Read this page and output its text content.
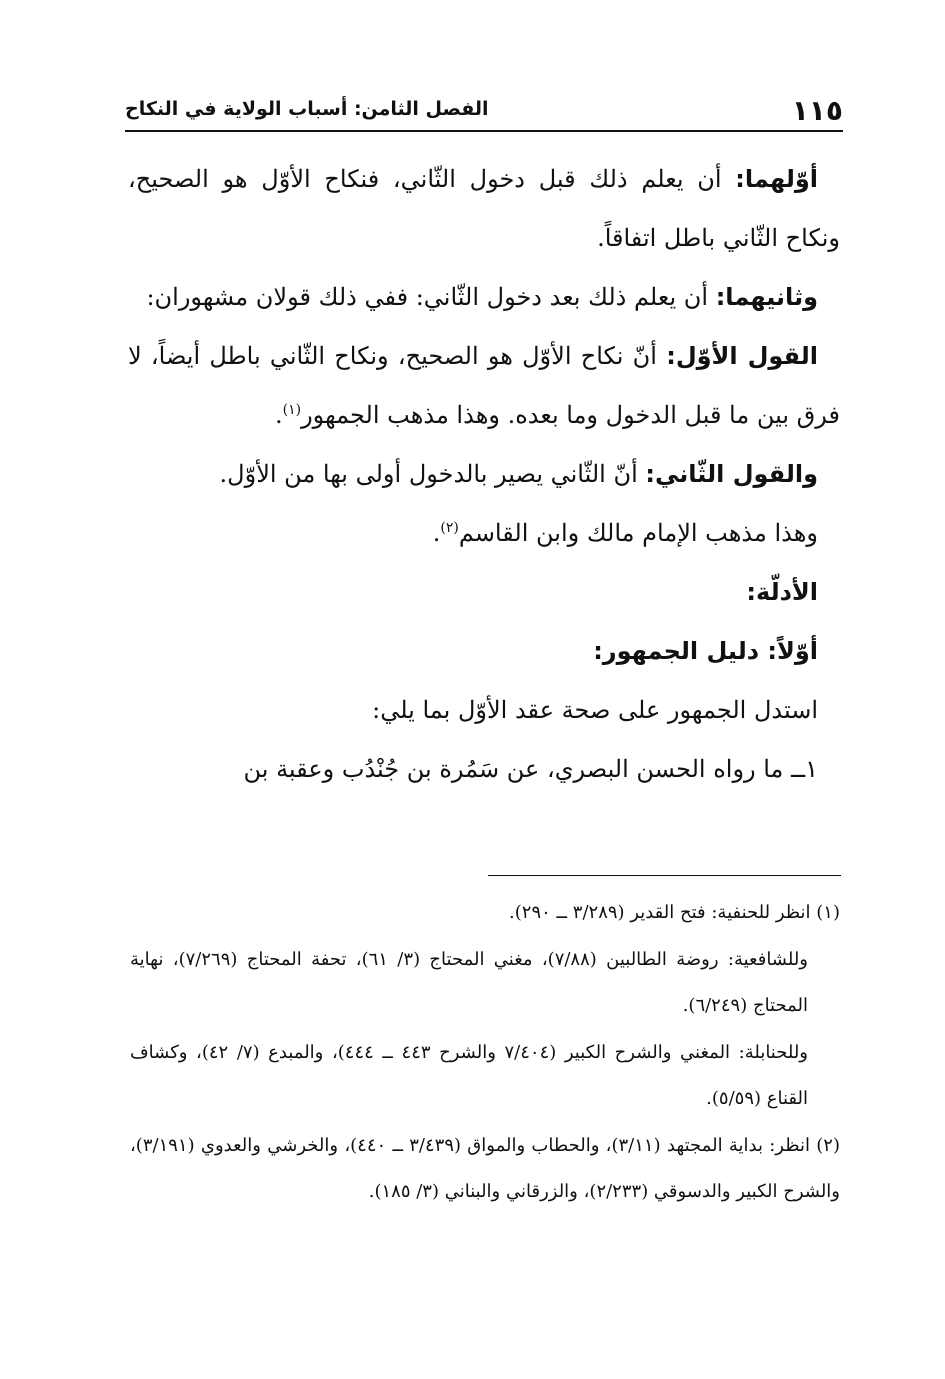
١١٥
الفصل الثامن: أسباب الولاية في النكاح

أوّلهما: أن يعلم ذلك قبل دخول الثّاني، فنكاح الأوّل هو الصحيح، ونكاح الثّاني باطل اتفاقاً.

وثانيهما: أن يعلم ذلك بعد دخول الثّاني: ففي ذلك قولان مشهوران:

القول الأوّل: أنّ نكاح الأوّل هو الصحيح، ونكاح الثّاني باطل أيضاً، لا فرق بين ما قبل الدخول وما بعده. وهذا مذهب الجمهور$^{(١)}$.

والقول الثّاني: أنّ الثّاني يصير بالدخول أولى بها من الأوّل.

وهذا مذهب الإمام مالك وابن القاسم$^{(٢)}$.

الأدلّة:

أوّلاً: دليل الجمهور:

استدل الجمهور على صحة عقد الأوّل بما يلي:

١ــ ما رواه الحسن البصري، عن سَمُرة بن جُنْدُب وعقبة بن

(١) انظر للحنفية: فتح القدير (٣/٢٨٩ ــ ٢٩٠).

وللشافعية: روضة الطالبين (٧/٨٨)، مغني المحتاج (٣/ ٦١)، تحفة المحتاج (٧/٢٦٩)، نهاية المحتاج (٦/٢٤٩).

وللحنابلة: المغني والشرح الكبير (٧/٤٠٤ والشرح ٤٤٣ ــ ٤٤٤)، والمبدع (٧/ ٤٢)، وكشاف القناع (٥/٥٩).

(٢) انظر: بداية المجتهد (٣/١١)، والحطاب والمواق (٣/٤٣٩ ــ ٤٤٠)، والخرشي والعدوي (٣/١٩١)، والشرح الكبير والدسوقي (٢/٢٣٣)، والزرقاني والبناني (٣/ ١٨٥).
